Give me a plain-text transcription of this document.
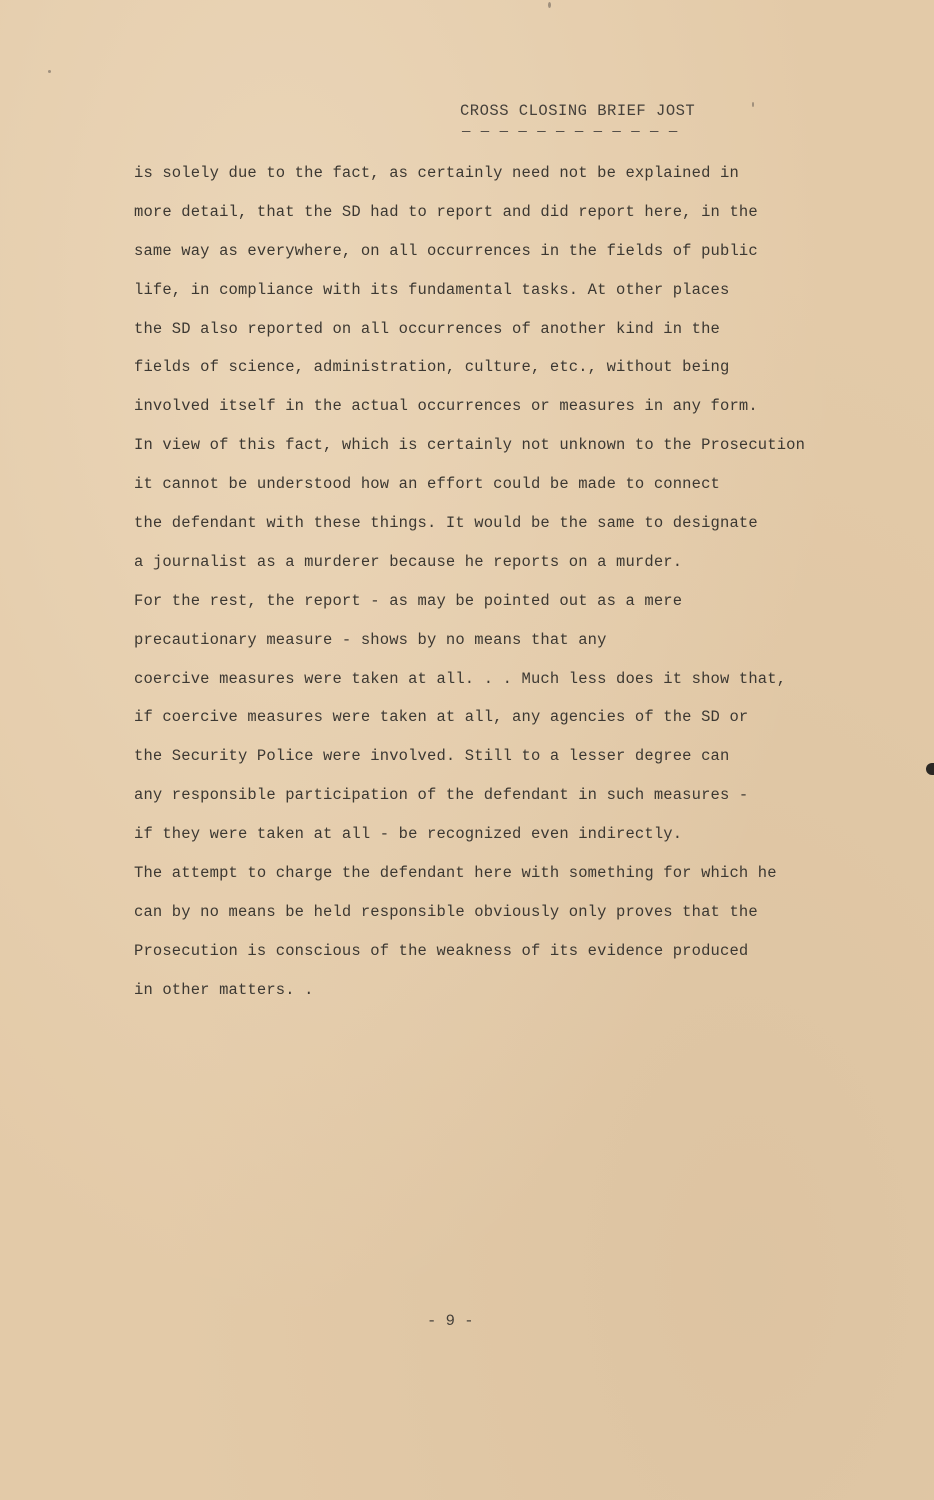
CROSS CLOSING BRIEF JOST
— — — — — — — — — — — —
is solely due to the fact, as certainly need not be explained in
more detail, that the SD had to report and did report here, in the
same way as everywhere, on all occurrences in the fields of public
life, in compliance with its fundamental tasks. At other places
the SD also reported on all occurrences of another kind in the
fields of science, administration, culture, etc., without being
involved itself in the actual occurrences or measures in any form.
In view of this fact, which is certainly not unknown to the Prosecution
it cannot be understood how an effort could be made to connect
the defendant with these things. It would be the same to designate
a journalist as a murderer because he reports on a murder.
For the rest, the report - as may be pointed out as a mere
precautionary measure - shows by no means that any
coercive measures were taken at all. . . Much less does it show that,
if coercive measures were taken at all, any agencies of the SD or
the Security Police were involved. Still to a lesser degree can
any responsible participation of the defendant in such measures -
if they were taken at all - be recognized even indirectly.
The attempt to charge the defendant here with something for which he
can by no means be held responsible obviously only proves that the
Prosecution is conscious of the weakness of its evidence produced
in other matters. .
- 9 -
